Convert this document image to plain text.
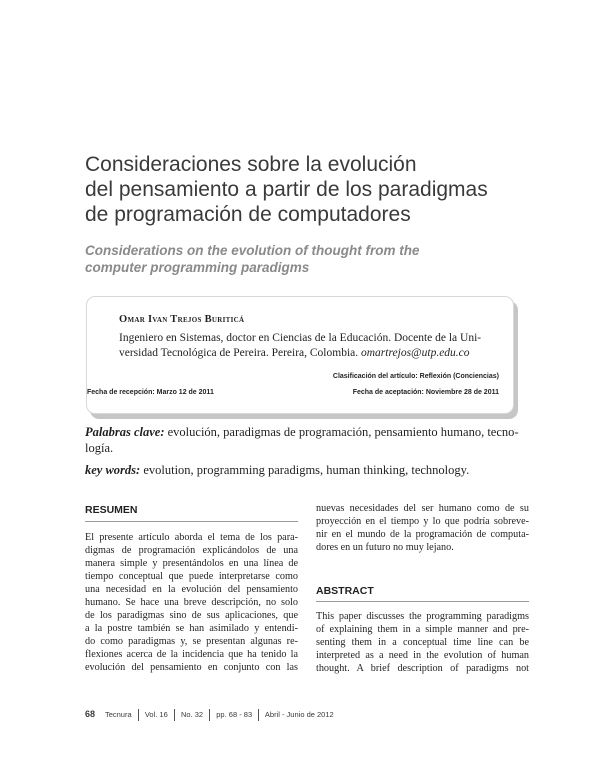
Consideraciones sobre la evolución
del pensamiento a partir de los paradigmas
de programación de computadores
Considerations on the evolution of thought from the
computer programming paradigms
Omar Ivan Trejos Buriticá
Ingeniero en Sistemas, doctor en Ciencias de la Educación. Docente de la Uni-
versidad Tecnológica de Pereira. Pereira, Colombia. omartrejos@utp.edu.co
Clasificación del artículo: Reflexión (Conciencias)
Fecha de recepción: Marzo 12 de 2011	Fecha de aceptación: Noviembre 28 de 2011
Palabras clave: evolución, paradigmas de programación, pensamiento humano, tecno-
logía.
key words: evolution, programming paradigms, human thinking, technology.
RESUMEN
El presente artículo aborda el tema de los para-
digmas de programación explicándolos de una
manera simple y presentándolos en una línea de
tiempo conceptual que puede interpretarse como
una necesidad en la evolución del pensamiento
humano. Se hace una breve descripción, no solo
de los paradigmas sino de sus aplicaciones, que
a la postre también se han asimilado y entendi-
do como paradigmas y, se presentan algunas re-
flexiones acerca de la incidencia que ha tenido la
evolución del pensamiento en conjunto con las
nuevas necesidades del ser humano como de su
proyección en el tiempo y lo que podría sobreve-
nir en el mundo de la programación de computa-
dores en un futuro no muy lejano.
ABSTRACT
This paper discusses the programming paradigms
of explaining them in a simple manner and pre-
senting them in a conceptual time line can be
interpreted as a need in the evolution of human
thought. A brief description of paradigms not
68 Tecnura Vol. 16 No. 32 pp. 68 - 83 Abril - Junio de 2012
